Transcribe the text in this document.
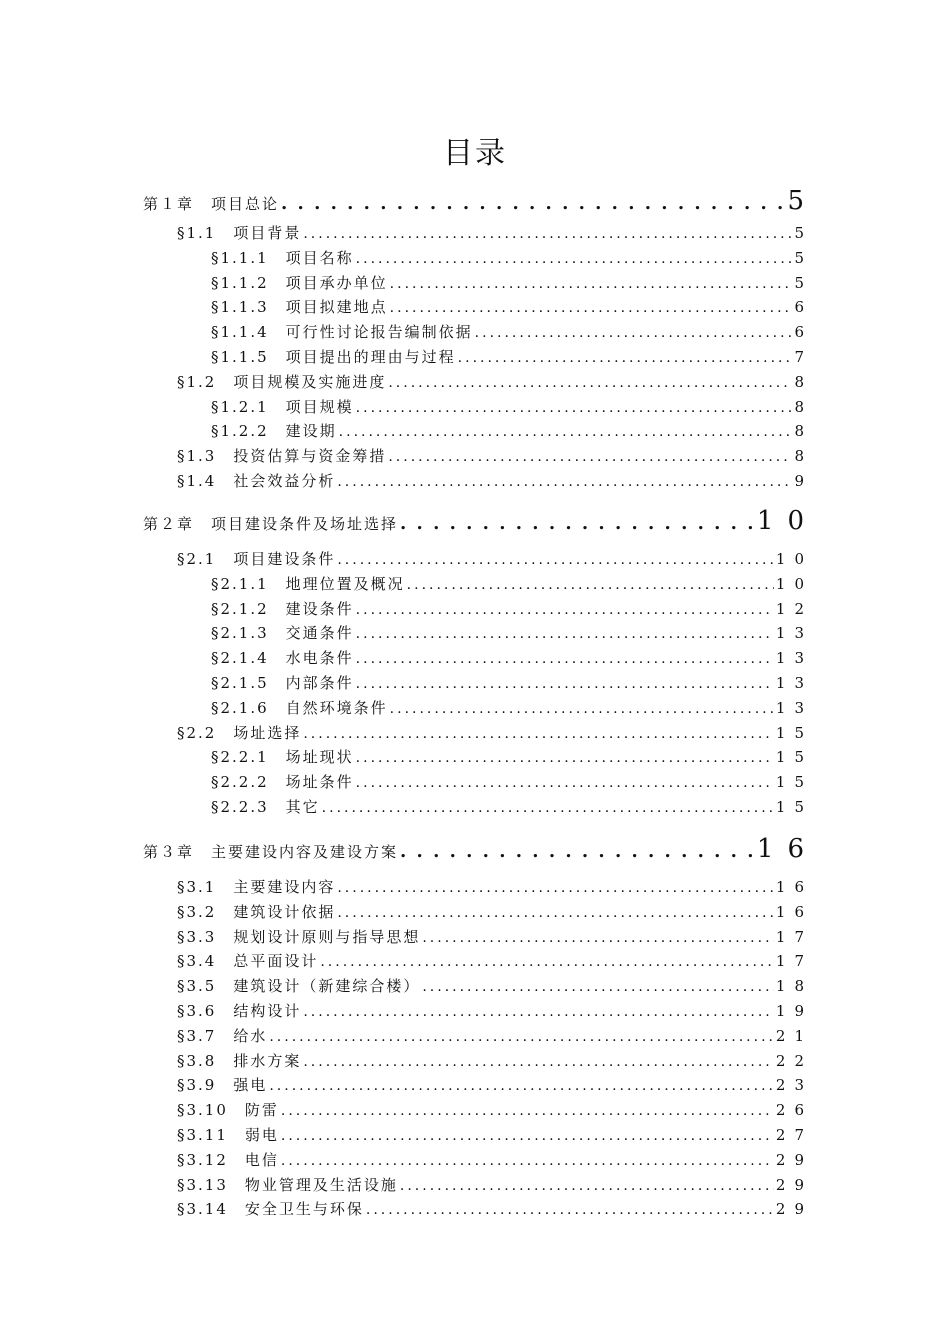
目录
第１章　项目总论 . . .	5
§1.1　项目背景 .....	5
§1.1.1　项目名称 .....	5
§1.1.2　项目承办单位 .....	5
§1.1.3　项目拟建地点 .....	6
§1.1.4　可行性讨论报告编制依据 .....	6
§1.1.5　项目提出的理由与过程 .....	7
§1.2　项目规模及实施进度 .....	8
§1.2.1　项目规模 .....	8
§1.2.2　建设期 .....	8
§1.3　投资估算与资金筹措 .....	8
§1.4　社会效益分析 .....	9
第２章　项目建设条件及场址选择 . . .	10
§2.1　项目建设条件 .....	10
§2.1.1　地理位置及概况 .....	10
§2.1.2　建设条件 .....	12
§2.1.3　交通条件 .....	13
§2.1.4　水电条件 .....	13
§2.1.5　内部条件 .....	13
§2.1.6　自然环境条件 .....	13
§2.2　场址选择 .....	15
§2.2.1　场址现状 .....	15
§2.2.2　场址条件 .....	15
§2.2.3　其它 .....	15
第３章　主要建设内容及建设方案 . . .	16
§3.1　主要建设内容 .....	16
§3.2　建筑设计依据 .....	16
§3.3　规划设计原则与指导思想 .....	17
§3.4　总平面设计 .....	17
§3.5　建筑设计（新建综合楼） .....	18
§3.6　结构设计 .....	19
§3.7　给水 .....	21
§3.8　排水方案 .....	22
§3.9　强电 .....	23
§3.10　防雷 .....	26
§3.11　弱电 .....	27
§3.12　电信 .....	29
§3.13　物业管理及生活设施 .....	29
§3.14　安全卫生与环保 .....	29
